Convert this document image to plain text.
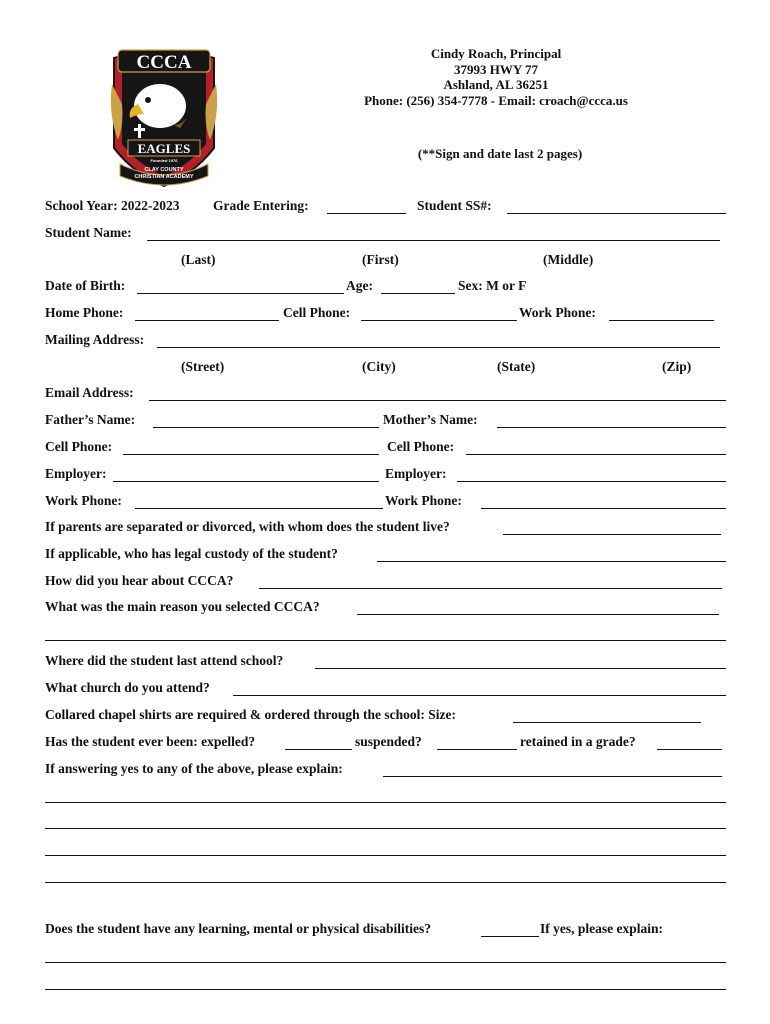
CCCA
EAGLES
Founded 1976
CLAY COUNTY
CHRISTIAN ACADEMY
Cindy Roach, Principal
37993 HWY 77
Ashland, AL 36251
Phone: (256) 354-7778 - Email: croach@ccca.us
(**Sign and date last 2 pages)
School Year: 2022-2023 Grade Entering:	Student SS#:
Student Name:
(Last)	(First)	(Middle)
Date of Birth:	Age:	Sex: M or F
Home Phone:	Cell Phone:	Work Phone:
Mailing Address:
(Street)	(City)	(State)	(Zip)
Email Address:
Father’s Name:	Mother’s Name:
Cell Phone:	Cell Phone:
Employer:	Employer:
Work Phone:	Work Phone:
If parents are separated or divorced, with whom does the student live?
If applicable, who has legal custody of the student?
How did you hear about CCCA?
What was the main reason you selected CCCA?
Where did the student last attend school?
What church do you attend?
Collared chapel shirts are required & ordered through the school: Size:
Has the student ever been: expelled?	suspended?	retained in a grade?
If answering yes to any of the above, please explain:
Does the student have any learning, mental or physical disabilities?	If yes, please explain:
